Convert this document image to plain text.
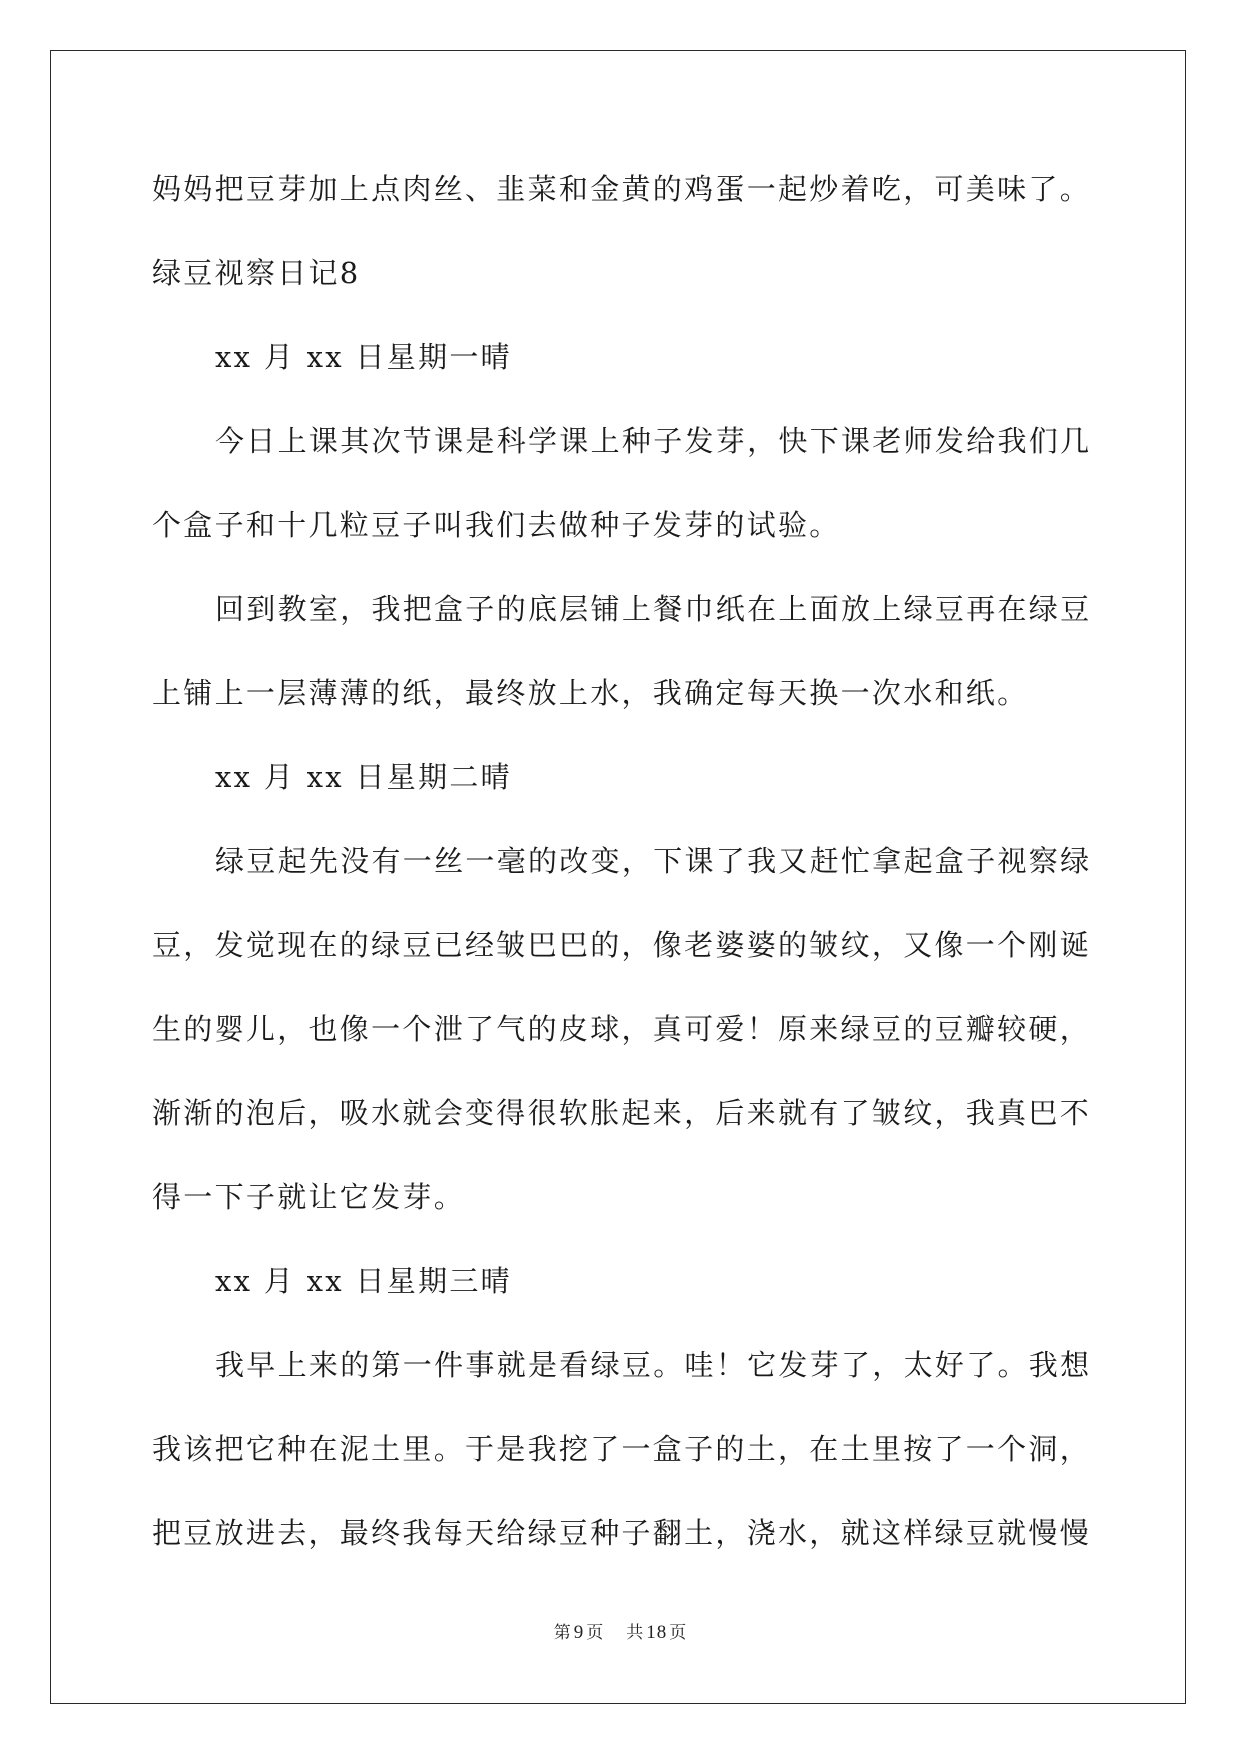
妈妈把豆芽加上点肉丝、韭菜和金黄的鸡蛋一起炒着吃，可美味了。
绿豆视察日记8
xx 月 xx 日星期一晴
今日上课其次节课是科学课上种子发芽，快下课老师发给我们几
个盒子和十几粒豆子叫我们去做种子发芽的试验。
回到教室，我把盒子的底层铺上餐巾纸在上面放上绿豆再在绿豆
上铺上一层薄薄的纸，最终放上水，我确定每天换一次水和纸。
xx 月 xx 日星期二晴
绿豆起先没有一丝一毫的改变，下课了我又赶忙拿起盒子视察绿
豆，发觉现在的绿豆已经皱巴巴的，像老婆婆的皱纹，又像一个刚诞
生的婴儿，也像一个泄了气的皮球，真可爱！原来绿豆的豆瓣较硬，
渐渐的泡后，吸水就会变得很软胀起来，后来就有了皱纹，我真巴不
得一下子就让它发芽。
xx 月 xx 日星期三晴
我早上来的第一件事就是看绿豆。哇！它发芽了，太好了。我想
我该把它种在泥土里。于是我挖了一盒子的土，在土里按了一个洞，
把豆放进去，最终我每天给绿豆种子翻土，浇水，就这样绿豆就慢慢
第 9 页 共 18 页
